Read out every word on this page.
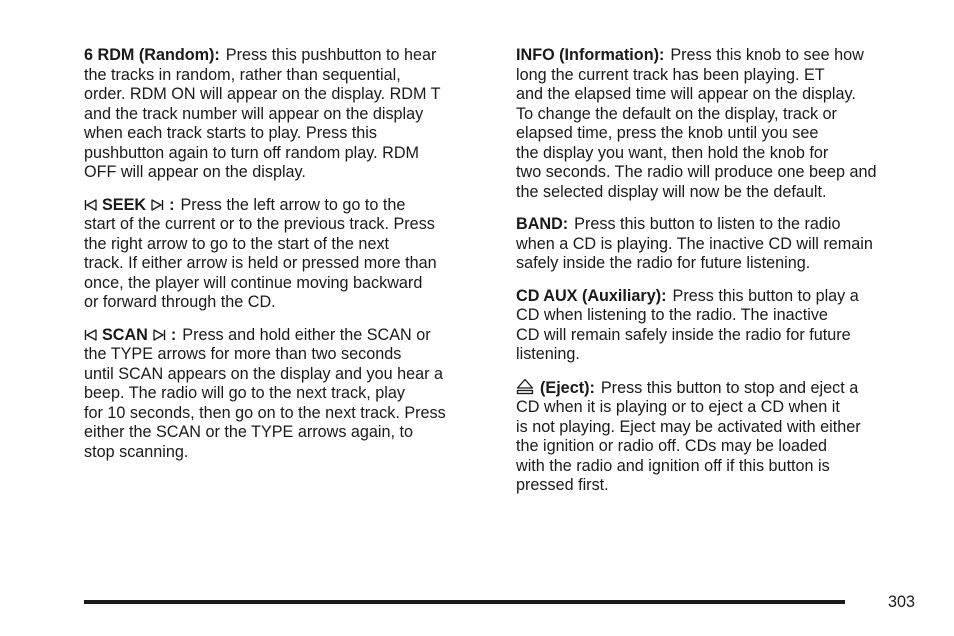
6 RDM (Random): Press this pushbutton to hear
the tracks in random, rather than sequential,
order. RDM ON will appear on the display. RDM T
and the track number will appear on the display
when each track starts to play. Press this
pushbutton again to turn off random play. RDM
OFF will appear on the display.

SEEK : Press the left arrow to go to the
start of the current or to the previous track. Press
the right arrow to go to the start of the next
track. If either arrow is held or pressed more than
once, the player will continue moving backward
or forward through the CD.

SCAN : Press and hold either the SCAN or
the TYPE arrows for more than two seconds
until SCAN appears on the display and you hear a
beep. The radio will go to the next track, play
for 10 seconds, then go on to the next track. Press
either the SCAN or the TYPE arrows again, to
stop scanning.

INFO (Information): Press this knob to see how
long the current track has been playing. ET
and the elapsed time will appear on the display.
To change the default on the display, track or
elapsed time, press the knob until you see
the display you want, then hold the knob for
two seconds. The radio will produce one beep and
the selected display will now be the default.

BAND: Press this button to listen to the radio
when a CD is playing. The inactive CD will remain
safely inside the radio for future listening.

CD AUX (Auxiliary): Press this button to play a
CD when listening to the radio. The inactive
CD will remain safely inside the radio for future
listening.

(Eject): Press this button to stop and eject a
CD when it is playing or to eject a CD when it
is not playing. Eject may be activated with either
the ignition or radio off. CDs may be loaded
with the radio and ignition off if this button is
pressed first.

303
